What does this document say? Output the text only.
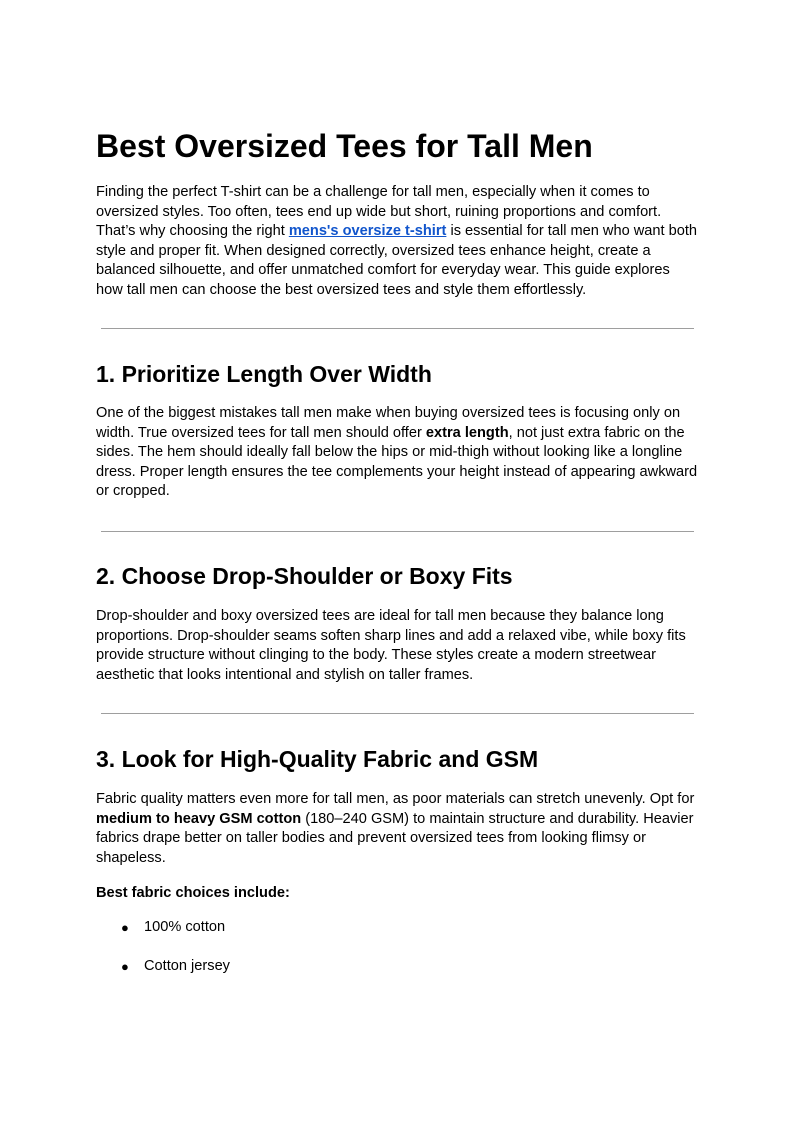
Best Oversized Tees for Tall Men

Finding the perfect T-shirt can be a challenge for tall men, especially when it comes to oversized styles. Too often, tees end up wide but short, ruining proportions and comfort. That’s why choosing the right mens's oversize t-shirt is essential for tall men who want both style and proper fit. When designed correctly, oversized tees enhance height, create a balanced silhouette, and offer unmatched comfort for everyday wear. This guide explores how tall men can choose the best oversized tees and style them effortlessly.

1. Prioritize Length Over Width

One of the biggest mistakes tall men make when buying oversized tees is focusing only on width. True oversized tees for tall men should offer extra length, not just extra fabric on the sides. The hem should ideally fall below the hips or mid-thigh without looking like a longline dress. Proper length ensures the tee complements your height instead of appearing awkward or cropped.

2. Choose Drop-Shoulder or Boxy Fits

Drop-shoulder and boxy oversized tees are ideal for tall men because they balance long proportions. Drop-shoulder seams soften sharp lines and add a relaxed vibe, while boxy fits provide structure without clinging to the body. These styles create a modern streetwear aesthetic that looks intentional and stylish on taller frames.

3. Look for High-Quality Fabric and GSM

Fabric quality matters even more for tall men, as poor materials can stretch unevenly. Opt for medium to heavy GSM cotton (180–240 GSM) to maintain structure and durability. Heavier fabrics drape better on taller bodies and prevent oversized tees from looking flimsy or shapeless.

Best fabric choices include:

● 100% cotton
● Cotton jersey
